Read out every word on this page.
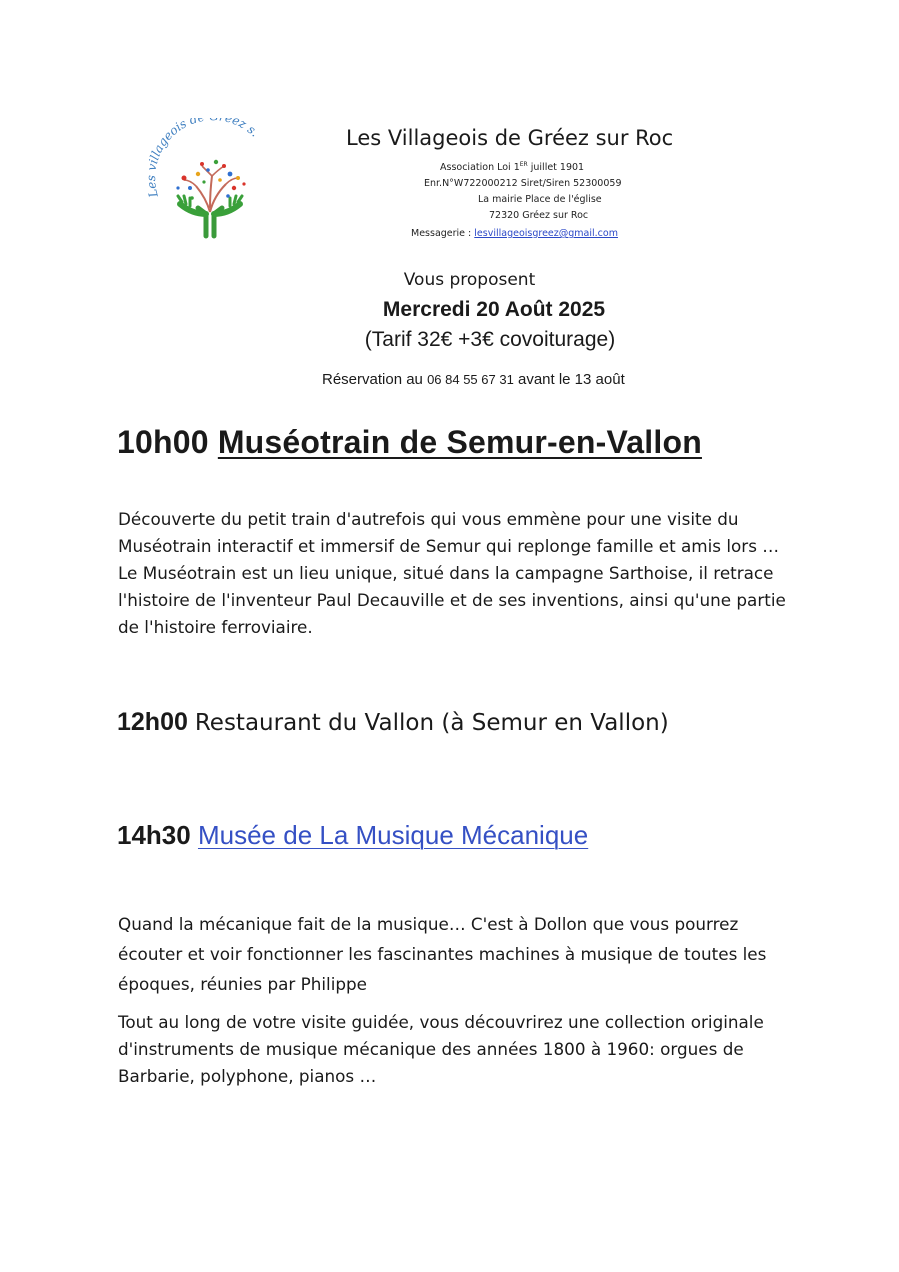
Les villageois d éez s.	Les Villageois de Gréez sur Roc
Association Loi 1ER juillet 1901
Enr.N°W722000212 Siret/Siren 52300059
La mairie Place de l'église
72320 Gréez sur Roc
Messagerie : lesvillageoisgreez@gmail.com
Vous proposent
Mercredi 20 Août 2025
(Tarif 32€ +3€ covoiturage)
Réservation au 06 84 55 67 31 avant le 13 août
10h00 Muséotrain de Semur-en-Vallon
Découverte du petit train d'autrefois qui vous emmène pour une visite du
Muséotrain interactif et immersif de Semur qui replonge famille et amis lors …
Le Muséotrain est un lieu unique, situé dans la campagne Sarthoise, il retrace
l'histoire de l'inventeur Paul Decauville et de ses inventions, ainsi qu'une partie
de l'histoire ferroviaire.
12h00 Restaurant du Vallon (à Semur en Vallon)
14h30 Musée de La Musique Mécanique
Quand la mécanique fait de la musique… C'est à Dollon que vous pourrez
écouter et voir fonctionner les fascinantes machines à musique de toutes les
époques, réunies par Philippe
Tout au long de votre visite guidée, vous découvrirez une collection originale
d'instruments de musique mécanique des années 1800 à 1960: orgues de
Barbarie, polyphone, pianos …
